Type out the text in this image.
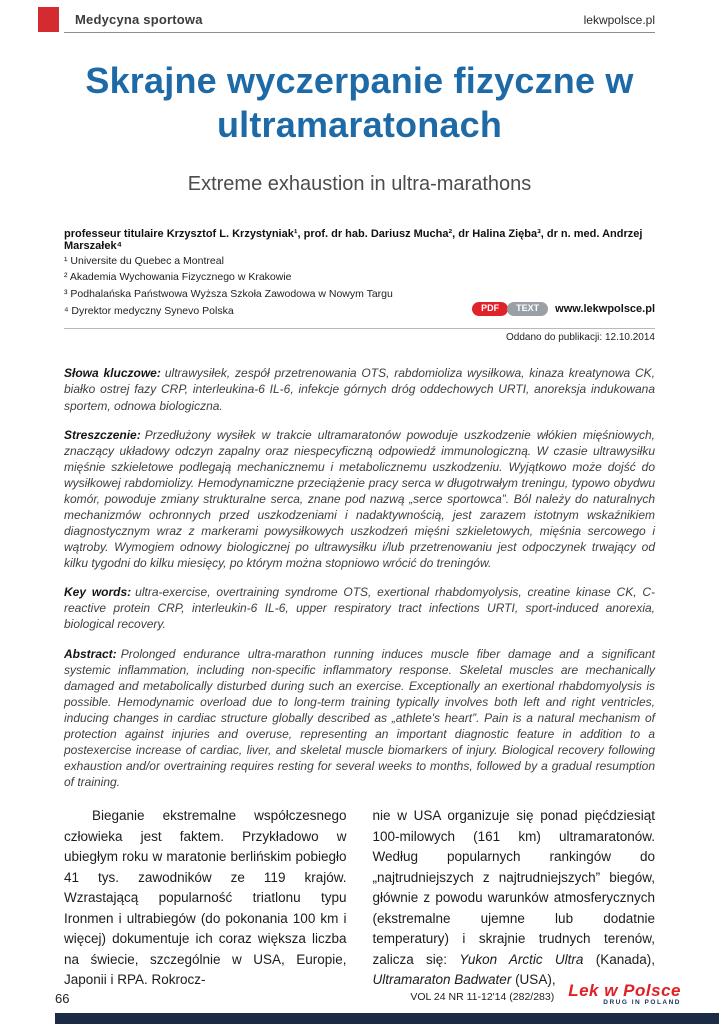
Medycyna sportowa	lekwpolsce.pl
Skrajne wyczerpanie fizyczne w ultramaratonach
Extreme exhaustion in ultra-marathons

professeur titulaire Krzysztof L. Krzystyniak¹, prof. dr hab. Dariusz Mucha², dr Halina Zięba³, dr n. med. Andrzej Marszałek⁴

¹ Universite du Quebec a Montreal

² Akademia Wychowania Fizycznego w Krakowie

³ Podhalańska Państwowa Wyższa Szkoła Zawodowa w Nowym Targu

⁴ Dyrektor medyczny Synevo Polska	PDF	TEXT	www.lekwpolsce.pl
Oddano do publikacji: 12.10.2014

Słowa kluczowe: ultrawysiłek, zespół przetrenowania OTS, rabdomioliza wysiłkowa, kinaza kreatynowa CK, białko ostrej fazy CRP, interleukina-6 IL-6, infekcje górnych dróg oddechowych URTI, anoreksja indukowana sportem, odnowa biologiczna.

Streszczenie: Przedłużony wysiłek w trakcie ultramaratonów powoduje uszkodzenie włókien mięśniowych, znaczący układowy odczyn zapalny oraz niespecyficzną odpowiedź immunologiczną. W czasie ultrawysiłku mięśnie szkieletowe podlegają mechanicznemu i metabolicznemu uszkodzeniu. Wyjątkowo może dojść do wysiłkowej rabdomiolizy. Hemodynamiczne przeciążenie pracy serca w długotrwałym treningu, typowo obydwu komór, powoduje zmiany strukturalne serca, znane pod nazwą „serce sportowca”. Ból należy do naturalnych mechanizmów ochronnych przed uszkodzeniami i nadaktywnością, jest zarazem istotnym wskaźnikiem diagnostycznym wraz z markerami powysiłkowych uszkodzeń mięśni szkieletowych, mięśnia sercowego i wątroby. Wymogiem odnowy biologicznej po ultrawysiłku i/lub przetrenowaniu jest odpoczynek trwający od kilku tygodni do kilku miesięcy, po którym można stopniowo wrócić do treningów.

Key words: ultra-exercise, overtraining syndrome OTS, exertional rhabdomyolysis, creatine kinase CK, C-reactive protein CRP, interleukin-6 IL-6, upper respiratory tract infections URTI, sport-induced anorexia, biological recovery.

Abstract: Prolonged endurance ultra-marathon running induces muscle fiber damage and a significant systemic inflammation, including non-specific inflammatory response. Skeletal muscles are mechanically damaged and metabolically disturbed during such an exercise. Exceptionally an exertional rhabdomyolysis is possible. Hemodynamic overload due to long-term training typically involves both left and right ventricles, inducing changes in cardiac structure globally described as „athlete's heart”. Pain is a natural mechanism of protection against injuries and overuse, representing an important diagnostic feature in addition to a postexercise increase of cardiac, liver, and skeletal muscle biomarkers of injury. Biological recovery following exhaustion and/or overtraining requires resting for several weeks to months, followed by a gradual resumption of training.

Bieganie ekstremalne współczesnego człowieka jest faktem. Przykładowo w ubiegłym roku w maratonie berlińskim pobiegło 41 tys. zawodników ze 119 krajów. Wzrastającą popularność triatlonu typu Ironmen i ultrabiegów (do pokonania 100 km i więcej) dokumentuje ich coraz większa liczba na świecie, szczególnie w USA, Europie, Japonii i RPA. Rokrocz-

nie w USA organizuje się ponad pięćdziesiąt 100-milowych (161 km) ultramaratonów. Według popularnych rankingów do „najtrudniejszych z najtrudniejszych” biegów, głównie z powodu warunków atmosferycznych (ekstremalne ujemne lub dodatnie temperatury) i skrajnie trudnych terenów, zalicza się: Yukon Arctic Ultra (Kanada), Ultramaraton Badwater (USA),

66	VOL 24 NR 11-12'14 (282/283) Lek w Polsce
DRUG IN POLAND
